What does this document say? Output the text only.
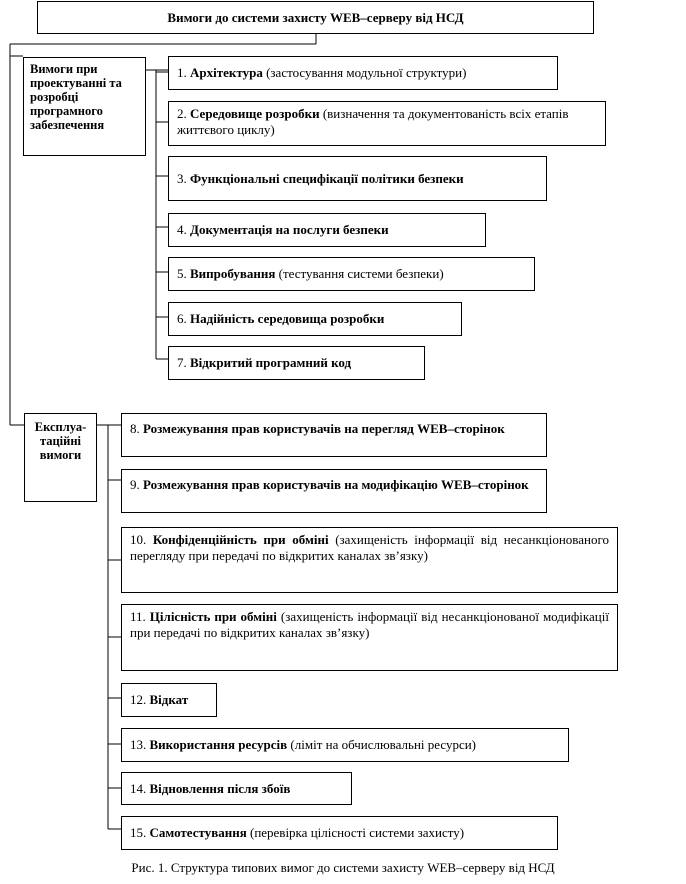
Вимоги до системи захисту WEB–серверу від НСД
Вимоги при проектуванні та розробці програмного забезпечення
Експлуа-таційні вимоги
1. Архітектура (застосування модульної структури)
2. Середовище розробки (визначення та документованість всіх етапів життєвого циклу)
3. Функціональні специфікації політики безпеки
4. Документація на послуги безпеки
5. Випробування (тестування системи безпеки)
6. Надійність середовища розробки
7. Відкритий програмний код
8. Розмежування прав користувачів на перегляд WEB–сторінок
9. Розмежування прав користувачів на модифікацію WEB–сторінок
10. Конфіденційність при обміні (захищеність інформації від несанкціонованого перегляду при передачі по відкритих каналах зв’язку)
11. Цілісність при обміні (захищеність інформації від несанкціонованої модифікації при передачі по відкритих каналах зв’язку)
12. Відкат
13. Використання ресурсів (ліміт на обчислювальні ресурси)
14. Відновлення після збоїв
15. Самотестування (перевірка цілісності системи захисту)
Рис. 1. Структура типових вимог до системи захисту WEB–серверу від НСД
